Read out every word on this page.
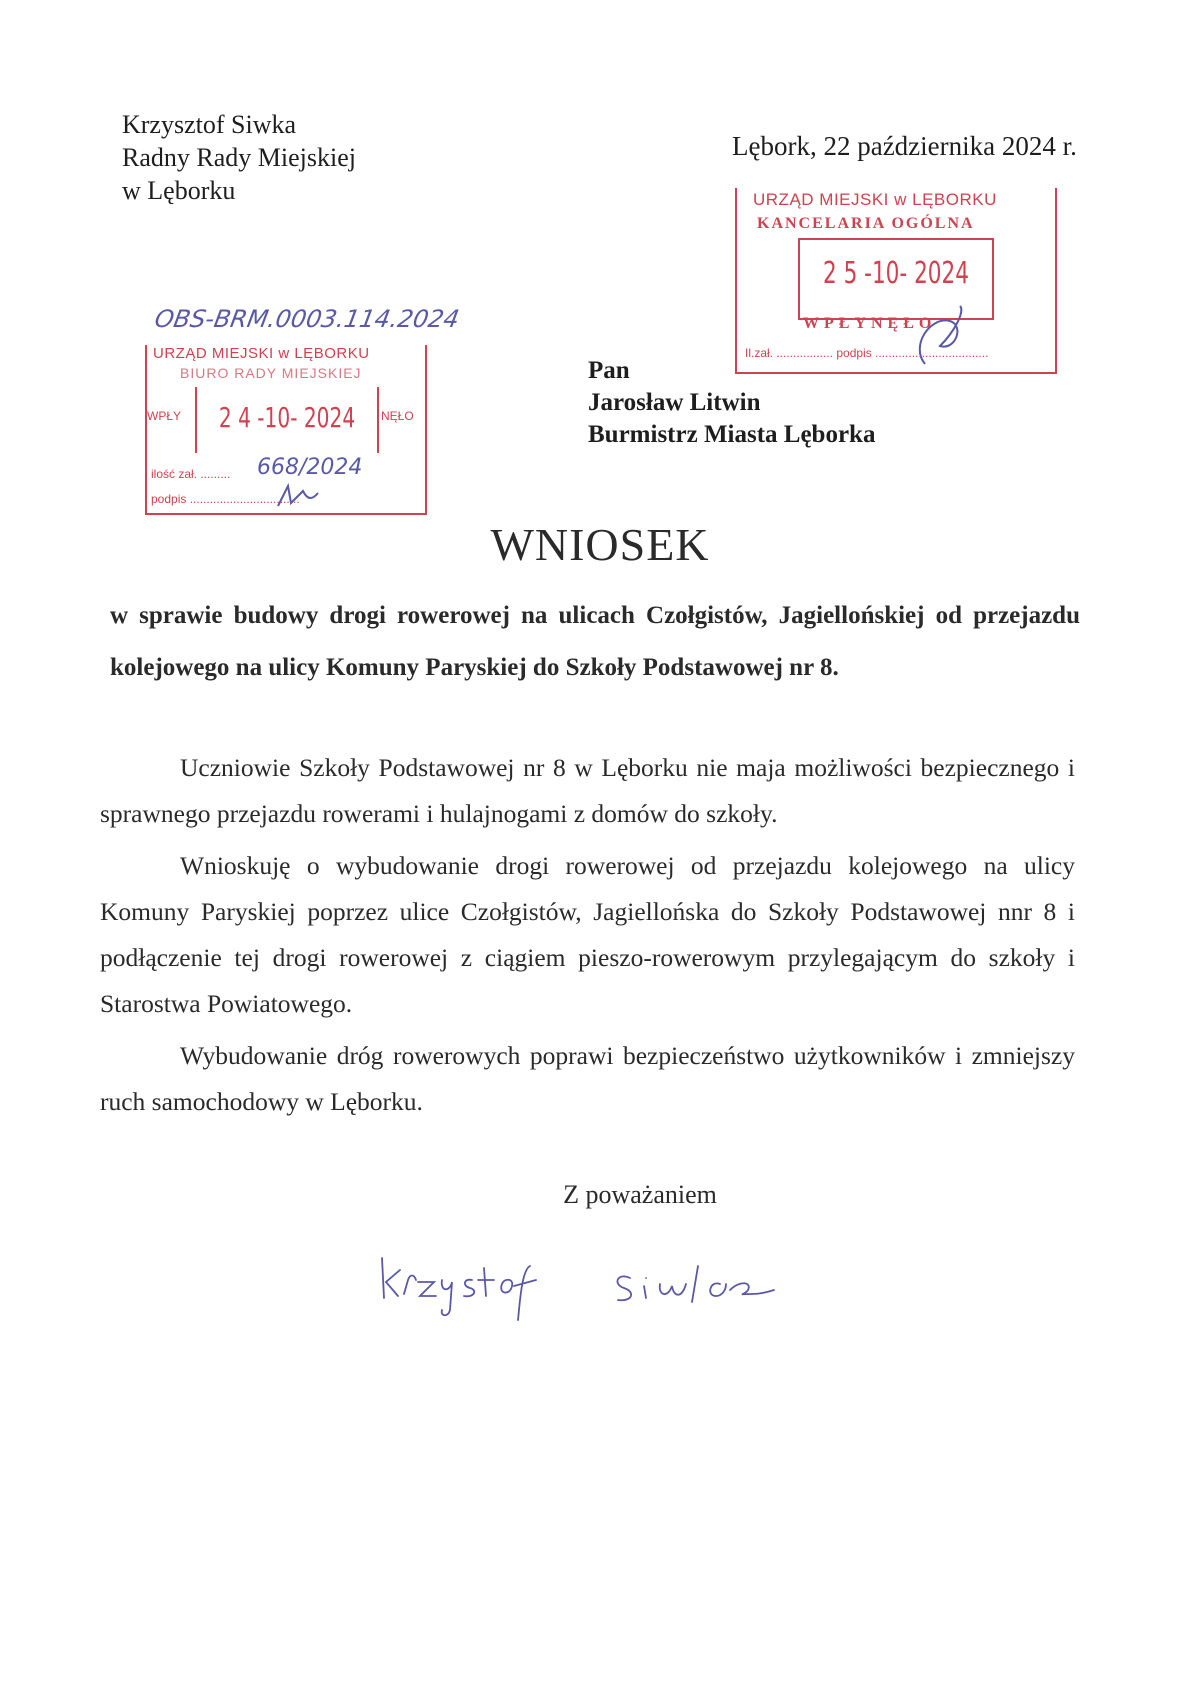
Krzysztof Siwka
Radny Rady Miejskiej
w Lęborku
Lębork, 22 października 2024 r.
URZĄD MIEJSKI w LĘBORKU
KANCELARIA OGÓLNA
2 5 -10- 2024
WPŁYNĘŁO
Il.zał. ................. podpis ..................................
OBS-BRM.0003.114.2024
URZĄD MIEJSKI w LĘBORKU
BIURO RADY MIEJSKIEJ
WPŁY 2 4 -10- 2024	NĘŁO
ilość zał. ......... 668/2024
podpis .................................
Pan
Jarosław Litwin
Burmistrz Miasta Lęborka
WNIOSEK
w sprawie budowy drogi rowerowej na ulicach Czołgistów, Jagiellońskiej od przejazdu kolejowego na ulicy Komuny Paryskiej do Szkoły Podstawowej nr 8.

Uczniowie Szkoły Podstawowej nr 8 w Lęborku nie maja możliwości bezpiecznego i sprawnego przejazdu rowerami i hulajnogami z domów do szkoły.

Wnioskuję o wybudowanie drogi rowerowej od przejazdu kolejowego na ulicy Komuny Paryskiej poprzez ulice Czołgistów, Jagiellońska do Szkoły Podstawowej nnr 8 i podłączenie tej drogi rowerowej z ciągiem pieszo-rowerowym przylegającym do szkoły i Starostwa Powiatowego.

Wybudowanie dróg rowerowych poprawi bezpieczeństwo użytkowników i zmniejszy ruch samochodowy w Lęborku.

Z poważaniem
